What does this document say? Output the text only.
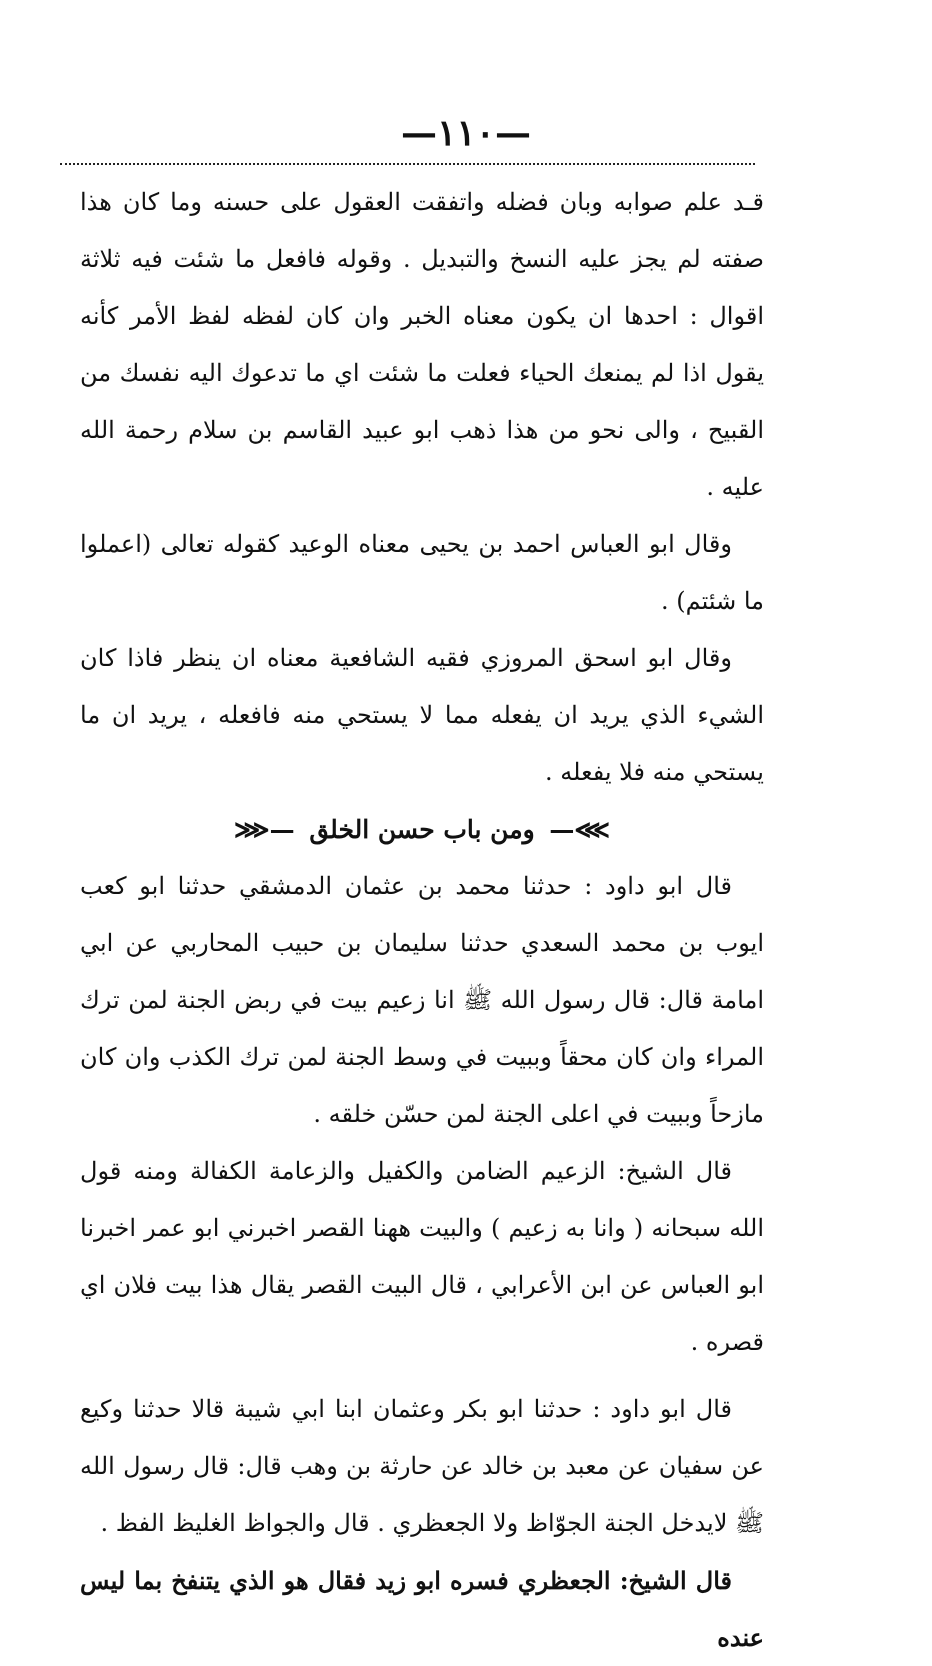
—١١٠—

قـد علم صوابه وبان فضله واتفقت العقول على حسنه وما كان هذا صفته لم يجز عليه النسخ والتبديل . وقوله فافعل ما شئت فيه ثلاثة اقوال : احدها ان يكون معناه الخبر وان كان لفظه لفظ الأمر كأنه يقول اذا لم يمنعك الحياء فعلت ما شئت اي ما تدعوك اليه نفسك من القبيح ، والى نحو من هذا ذهب ابو عبيد القاسم بن سلام رحمة الله عليه .

وقال ابو العباس احمد بن يحيى معناه الوعيد كقوله تعالى (اعملوا ما شئتم) .

وقال ابو اسحق المروزي فقيه الشافعية معناه ان ينظر فاذا كان الشيء الذي يريد ان يفعله مما لا يستحي منه فافعله ، يريد ان ما يستحي منه فلا يفعله .

⋙— ومن باب حسن الخلق —⋘

قال ابو داود : حدثنا محمد بن عثمان الدمشقي حدثنا ابو كعب ايوب بن محمد السعدي حدثنا سليمان بن حبيب المحاربي عن ابي امامة قال: قال رسول الله ﷺ انا زعيم بيت في ربض الجنة لمن ترك المراء وان كان محقاً وببيت في وسط الجنة لمن ترك الكذب وان كان مازحاً وببيت في اعلى الجنة لمن حسّن خلقه .

قال الشيخ: الزعيم الضامن والكفيل والزعامة الكفالة ومنه قول الله سبحانه ( وانا به زعيم ) والبيت ههنا القصر اخبرني ابو عمر اخبرنا ابو العباس عن ابن الأعرابي ، قال البيت القصر يقال هذا بيت فلان اي قصره .

قال ابو داود : حدثنا ابو بكر وعثمان ابنا ابي شيبة قالا حدثنا وكيع عن سفيان عن معبد بن خالد عن حارثة بن وهب قال: قال رسول الله ﷺ لايدخل الجنة الجوّاظ ولا الجعظري . قال والجواظ الغليظ الفظ .

قال الشيخ: الجعظري فسره ابو زيد فقال هو الذي يتنفخ بما ليس عنده
